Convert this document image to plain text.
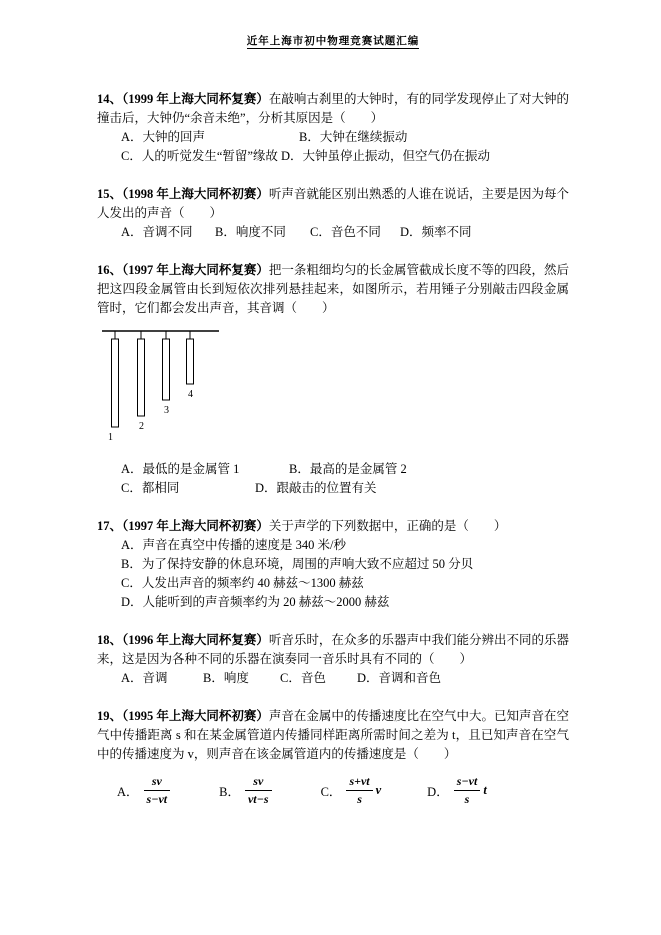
近年上海市初中物理竞赛试题汇编

14、（1999 年上海大同杯复赛）在敲响古刹里的大钟时，有的同学发现停止了对大钟的撞击后，大钟仍“余音未绝”，分析其原因是（　　）

A．大钟的回声	B．大钟在继续振动
C．人的听觉发生“暂留”缘故 D．大钟虽停止振动，但空气仍在振动

15、（1998 年上海大同杯初赛）听声音就能区别出熟悉的人谁在说话，主要是因为每个人发出的声音（　　）

A．音调不同 B．响度不同 C．音色不同 D．频率不同

16、（1997 年上海大同杯复赛）把一条粗细均匀的长金属管截成长度不等的四段，然后把这四段金属管由长到短依次排列悬挂起来，如图所示，若用锤子分别敲击四段金属管时，它们都会发出声音，其音调（　　）

1
2
3
4
A．最低的是金属管 1	B．最高的是金属管 2
C．都相同	D．跟敲击的位置有关

17、（1997 年上海大同杯初赛）关于声学的下列数据中，正确的是（　　）

A．声音在真空中传播的速度是 340 米/秒
B．为了保持安静的休息环境，周围的声响大致不应超过 50 分贝
C．人发出声音的频率约 40 赫兹～1300 赫兹
D．人能听到的声音频率约为 20 赫兹～2000 赫兹

18、（1996 年上海大同杯复赛）听音乐时，在众多的乐器声中我们能分辨出不同的乐器来，这是因为各种不同的乐器在演奏同一音乐时具有不同的（　　）

A．音调	B．响度 C．音色 D．音调和音色

19、（1995 年上海大同杯初赛）声音在金属中的传播速度比在空气中大。已知声音在空气中传播距离 s 和在某金属管道内传播同样距离所需时间之差为 t，且已知声音在空气中的传播速度为 v，则声音在该金属管道内的传播速度是（　　）

A． $\frac{sv}{s-vt}$	B． $\frac{sv}{vt-s}$	C． $\frac{s+vt}{s}$ v	D． $\frac{s-vt}{s}$ t
